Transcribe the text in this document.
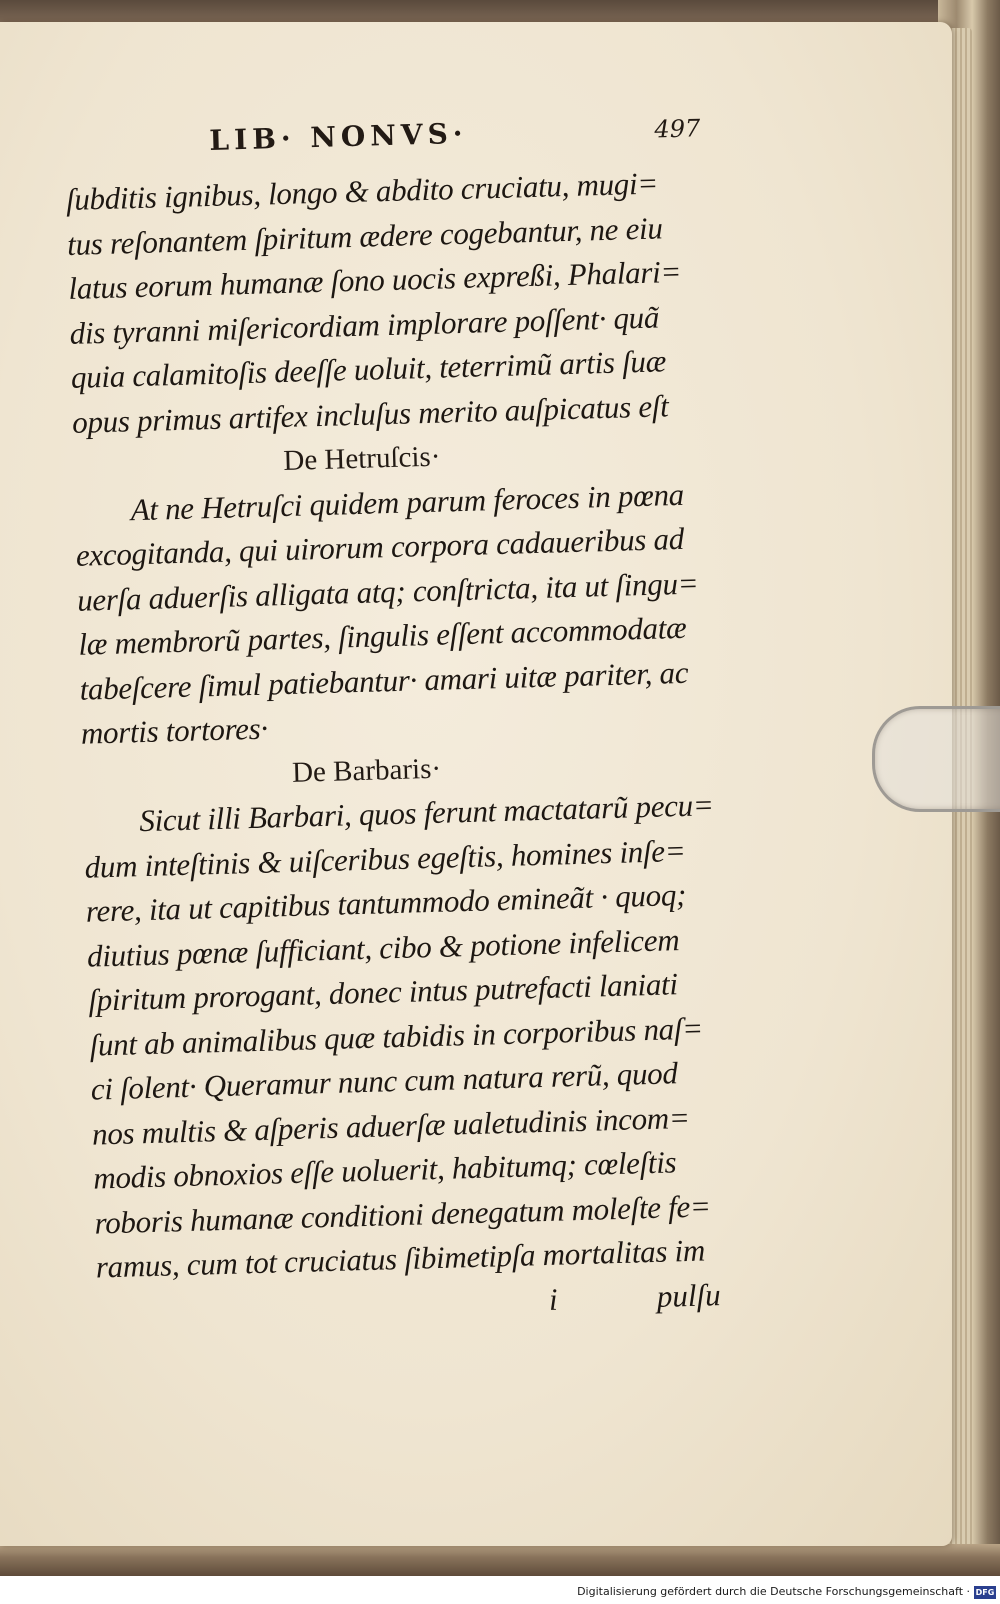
LIB· NONVS·	497
ſubditis ignibus, longo & abdito cruciatu, mugi=
tus reſonantem ſpiritum ædere cogebantur, ne eiu
latus eorum humanæ ſono uocis expreßi, Phalari=
dis tyranni miſericordiam implorare poſſent· quã
quia calamitoſis deeſſe uoluit, teterrimũ artis ſuæ
opus primus artifex incluſus merito auſpicatus eſt
De Hetruſcis·
At ne Hetruſci quidem parum feroces in pœna
excogitanda, qui uirorum corpora cadaueribus ad
uerſa aduerſis alligata atq; conſtricta, ita ut ſingu=
læ membrorũ partes, ſingulis eſſent accommodatæ
tabeſcere ſimul patiebantur· amari uitæ pariter, ac
mortis tortores·
De Barbaris·
Sicut illi Barbari, quos ferunt mactatarũ pecu=
dum inteſtinis & uiſceribus egeſtis, homines inſe=
rere, ita ut capitibus tantummodo emineãt · quoq;
diutius pœnæ ſufficiant, cibo & potione infelicem
ſpiritum prorogant, donec intus putrefacti laniati
ſunt ab animalibus quæ tabidis in corporibus naſ=
ci ſolent· Queramur nunc cum natura rerũ, quod
nos multis & aſperis aduerſæ ualetudinis incom=
modis obnoxios eſſe uoluerit, habitumq; cœleſtis
roboris humanæ conditioni denegatum moleſte fe=
ramus, cum tot cruciatus ſibimetipſa mortalitas im
i	pulſu
Digitalisierung gefördert durch die Deutsche Forschungsgemeinschaft · DFG
